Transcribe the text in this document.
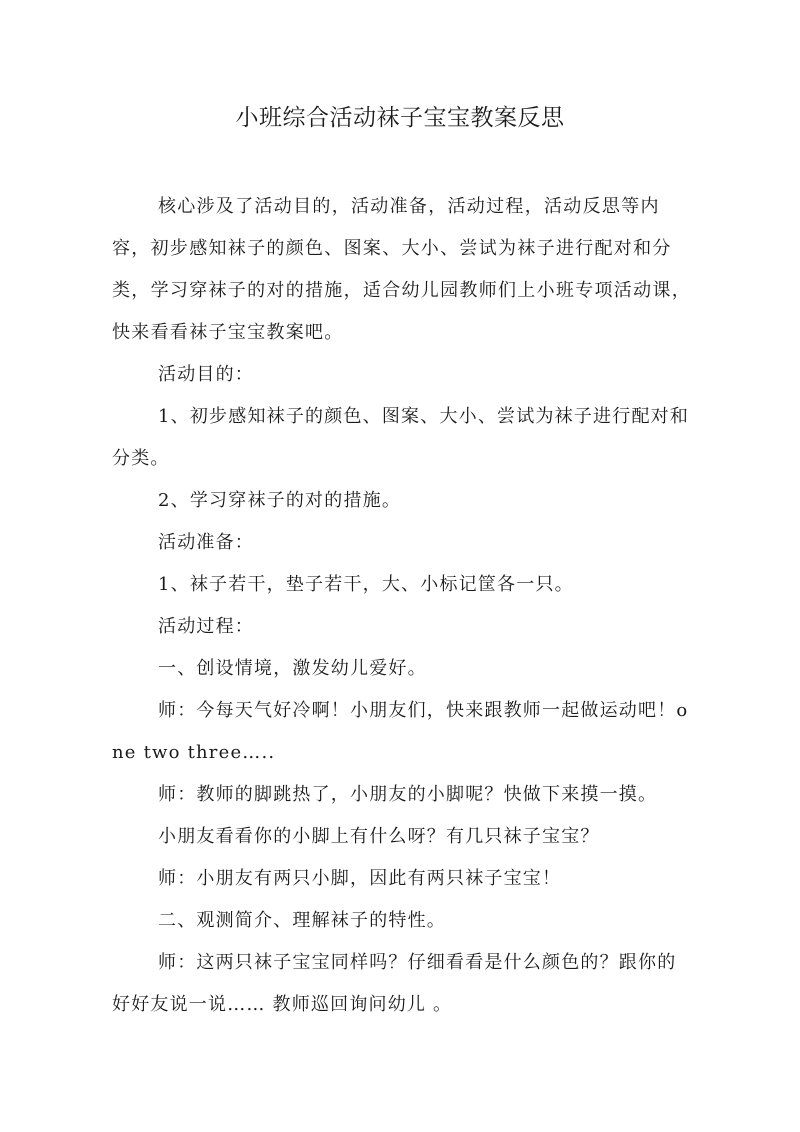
小班综合活动袜子宝宝教案反思

核心涉及了活动目的，活动准备，活动过程，活动反思等内容，初步感知袜子的颜色、图案、大小、尝试为袜子进行配对和分类，学习穿袜子的对的措施，适合幼儿园教师们上小班专项活动课，快来看看袜子宝宝教案吧。

活动目的：

1、初步感知袜子的颜色、图案、大小、尝试为袜子进行配对和分类。

2、学习穿袜子的对的措施。

活动准备：

1、袜子若干，垫子若干，大、小标记筐各一只。

活动过程：

一、创设情境，激发幼儿爱好。

师：今每天气好冷啊！小朋友们，快来跟教师一起做运动吧！one two three…..

师：教师的脚跳热了，小朋友的小脚呢？快做下来摸一摸。

小朋友看看你的小脚上有什么呀？有几只袜子宝宝？

师：小朋友有两只小脚，因此有两只袜子宝宝！

二、观测简介、理解袜子的特性。

师：这两只袜子宝宝同样吗？仔细看看是什么颜色的？跟你的好好友说一说…… 教师巡回询问幼儿 。
